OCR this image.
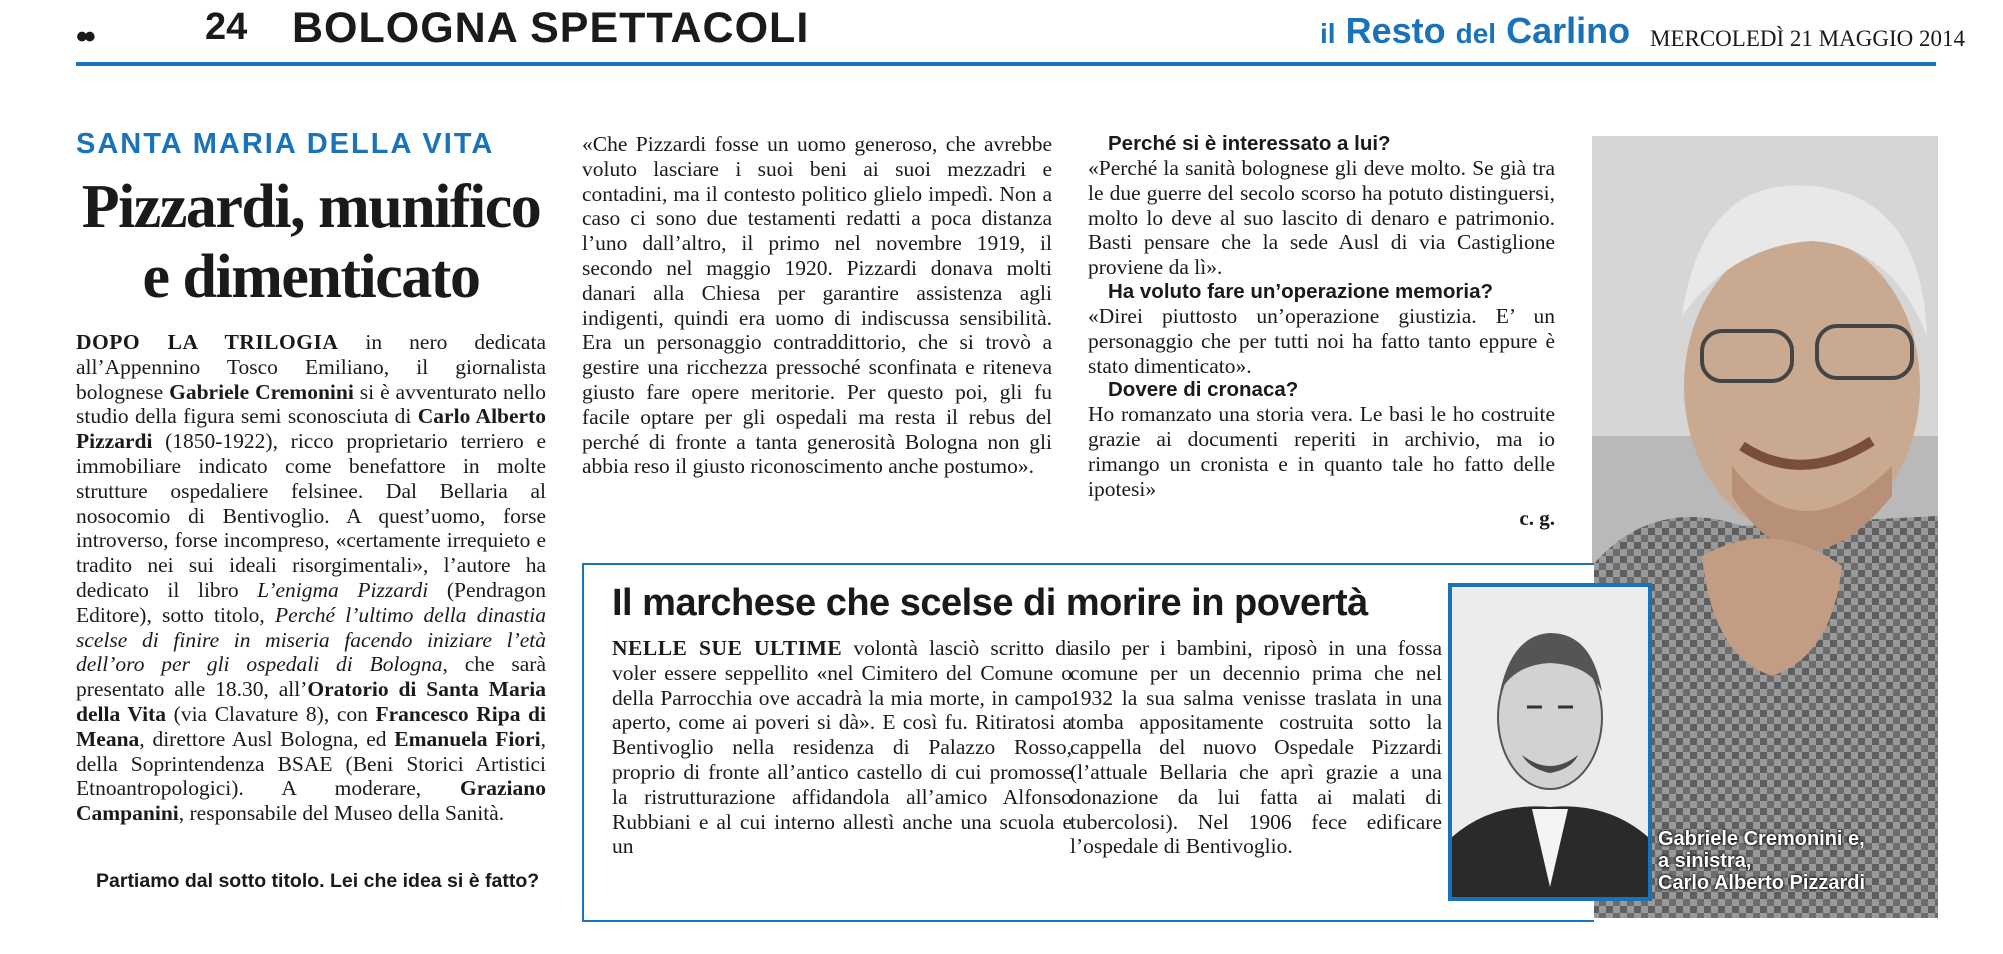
••	24 BOLOGNA SPETTACOLI	il Resto del Carlino MERCOLEDÌ 21 MAGGIO 2014
SANTA MARIA DELLA VITA
Pizzardi, munifico
e dimenticato
DOPO LA TRILOGIA in nero dedicata all’Appennino Tosco Emiliano, il giornalista bolognese Gabriele Cremonini si è avventurato nello studio della figura semi sconosciuta di Carlo Alberto Pizzardi (1850-1922), ricco proprietario terriero e immobiliare indicato come benefattore in molte strutture ospedaliere felsinee. Dal Bellaria al nosocomio di Bentivoglio. A quest’uomo, forse introverso, forse incompreso, «certamente irrequieto e tradito nei sui ideali risorgimentali», l’autore ha dedicato il libro L’enigma Pizzardi (Pendragon Editore), sotto titolo, Perché l’ultimo della dinastia scelse di finire in miseria facendo iniziare l’età dell’oro per gli ospedali di Bologna, che sarà presentato alle 18.30, all’Oratorio di Santa Maria della Vita (via Clavature 8), con Francesco Ripa di Meana, direttore Ausl Bologna, ed Emanuela Fiori, della Soprintendenza BSAE (Beni Storici Artistici Etnoantropologici). A moderare, Graziano Campanini, responsabile del Museo della Sanità.
Partiamo dal sotto titolo. Lei che idea si è fatto?
«Che Pizzardi fosse un uomo generoso, che avrebbe voluto lasciare i suoi beni ai suoi mezzadri e contadini, ma il contesto politico glielo impedì. Non a caso ci sono due testamenti redatti a poca distanza l’uno dall’altro, il primo nel novembre 1919, il secondo nel maggio 1920. Pizzardi donava molti danari alla Chiesa per garantire assistenza agli indigenti, quindi era uomo di indiscussa sensibilità. Era un personaggio contraddittorio, che si trovò a gestire una ricchezza pressoché sconfinata e riteneva giusto fare opere meritorie. Per questo poi, gli fu facile optare per gli ospedali ma resta il rebus del perché di fronte a tanta generosità Bologna non gli abbia reso il giusto riconoscimento anche postumo».
Perché si è interessato a lui?
«Perché la sanità bolognese gli deve molto. Se già tra le due guerre del secolo scorso ha potuto distinguersi, molto lo deve al suo lascito di denaro e patrimonio. Basti pensare che la sede Ausl di via Castiglione proviene da lì».
Ha voluto fare un’operazione memoria?
«Direi piuttosto un’operazione giustizia. E’ un personaggio che per tutti noi ha fatto tanto eppure è stato dimenticato».
Dovere di cronaca?
Ho romanzato una storia vera. Le basi le ho costruite grazie ai documenti reperiti in archivio, ma io rimango un cronista e in quanto tale ho fatto delle ipotesi»
c. g.
Il marchese che scelse di morire in povertà
NELLE SUE ULTIME volontà lasciò scritto di voler essere seppellito «nel Cimitero del Comune o della Parrocchia ove accadrà la mia morte, in campo aperto, come ai poveri si dà». E così fu. Ritiratosi a Bentivoglio nella residenza di Palazzo Rosso, proprio di fronte all’antico castello di cui promosse la ristrutturazione affidandola all’amico Alfonso Rubbiani e al cui interno allestì anche una scuola e un
asilo per i bambini, riposò in una fossa comune per un decennio prima che nel 1932 la sua salma venisse traslata in una tomba appositamente costruita sotto la cappella del nuovo Ospedale Pizzardi (l’attuale Bellaria che aprì grazie a una donazione da lui fatta ai malati di tubercolosi). Nel 1906 fece edificare l’ospedale di Bentivoglio.	Gabriele Cremonini e,
a sinistra,
Carlo Alberto Pizzardi
